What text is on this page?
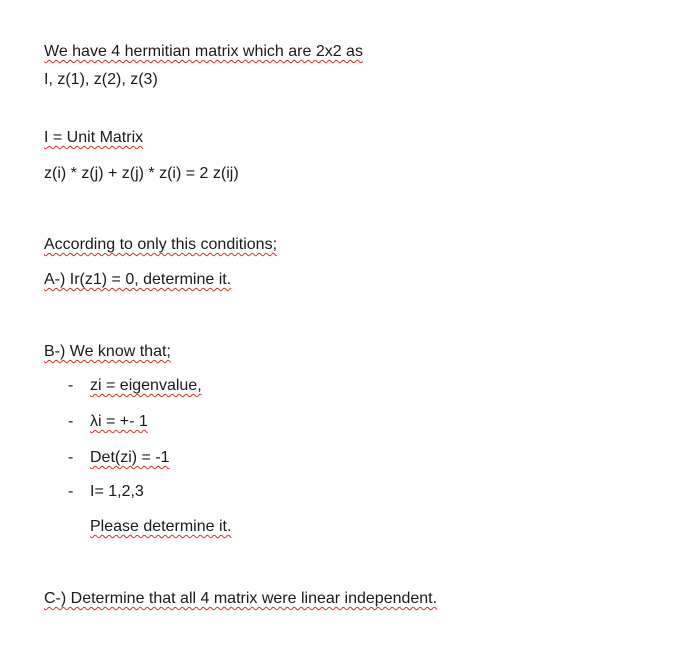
We have 4 hermitian matrix which are 2x2 as
I, z(1), z(2), z(3)
I = Unit Matrix
z(i) * z(j) + z(j) * z(i) = 2 z(ij)
According to only this conditions;
A-) Ir(z1) = 0, determine it.
B-) We know that;
- zi = eigenvalue,
- λi = +- 1
- Det(zi) = -1
- I= 1,2,3
Please determine it.
C-) Determine that all 4 matrix were linear independent.
